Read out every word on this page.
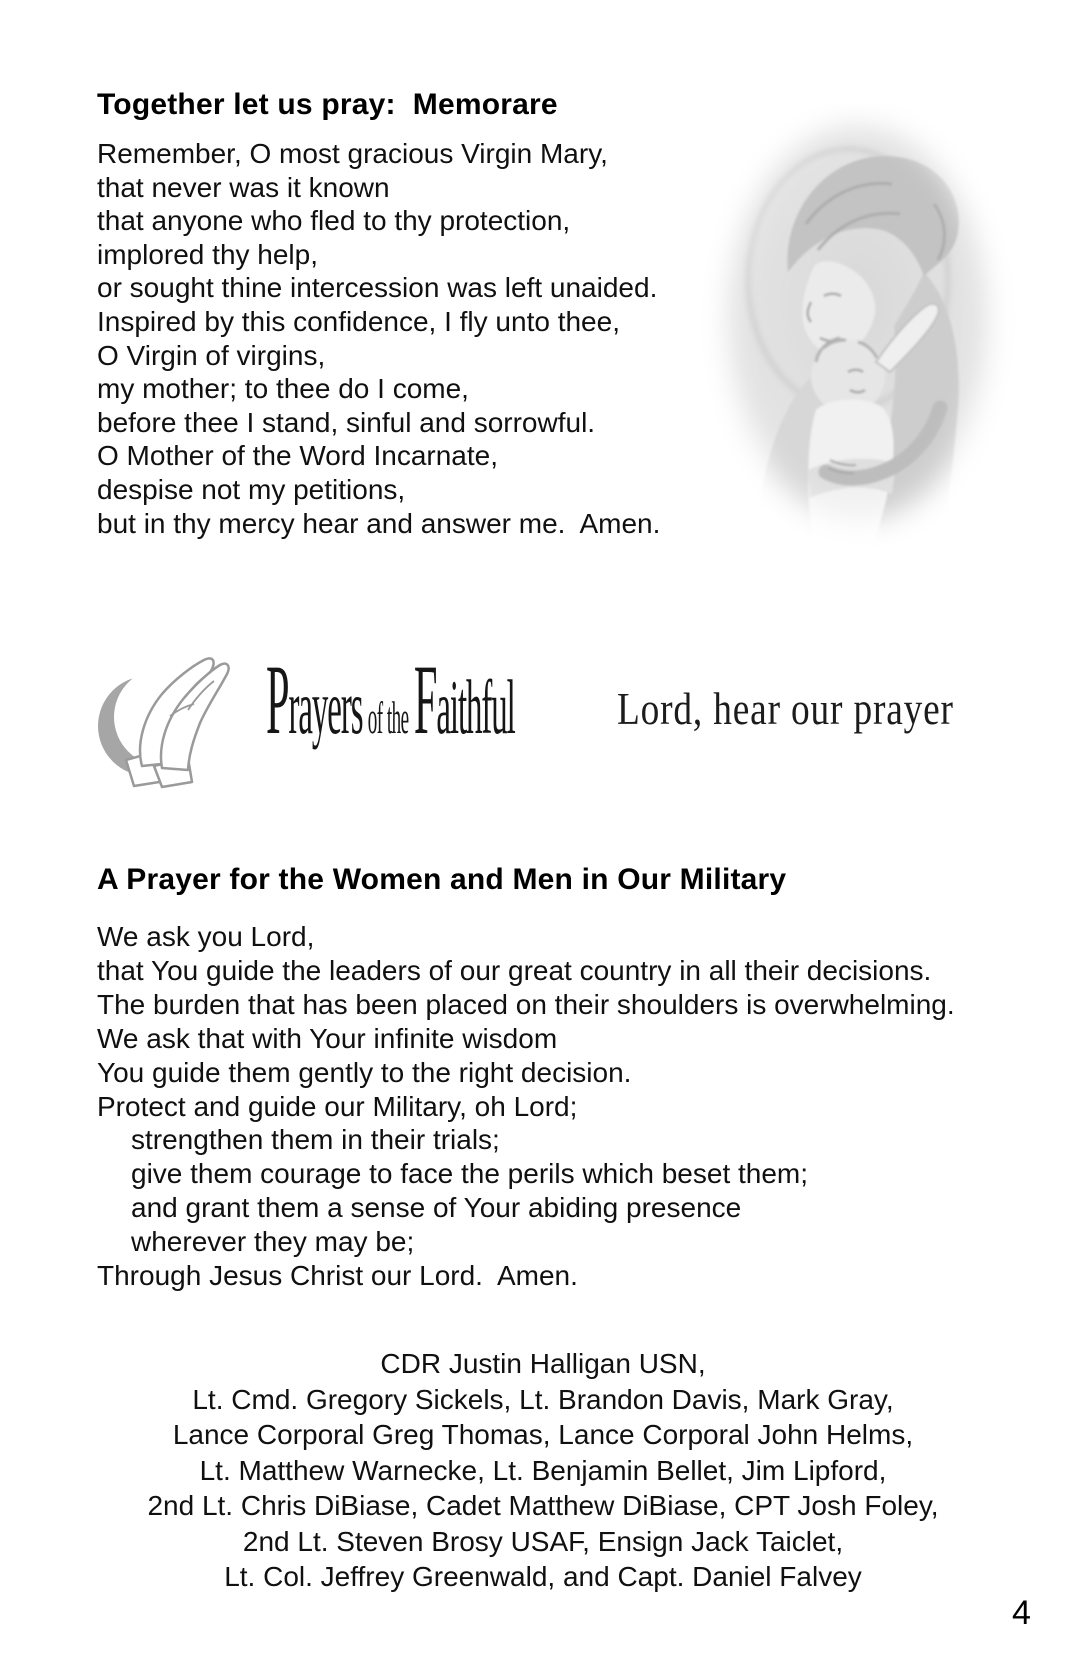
Together let us pray:  Memorare
Remember, O most gracious Virgin Mary,
that never was it known
that anyone who fled to thy protection,
implored thy help,
or sought thine intercession was left unaided.
Inspired by this confidence, I fly unto thee,
O Virgin of virgins,
my mother; to thee do I come,
before thee I stand, sinful and sorrowful.
O Mother of the Word Incarnate,
despise not my petitions,
but in thy mercy hear and answer me.  Amen.
Prayers of theFaithful Lord, hear our prayer
A Prayer for the Women and Men in Our Military
We ask you Lord,
that You guide the leaders of our great country in all their decisions.
The burden that has been placed on their shoulders is overwhelming.
We ask that with Your infinite wisdom
You guide them gently to the right decision.
Protect and guide our Military, oh Lord;
strengthen them in their trials;
give them courage to face the perils which beset them;
and grant them a sense of Your abiding presence
wherever they may be;
Through Jesus Christ our Lord.  Amen.
CDR Justin Halligan USN,
Lt. Cmd. Gregory Sickels, Lt. Brandon Davis, Mark Gray,
Lance Corporal Greg Thomas, Lance Corporal John Helms,
Lt. Matthew Warnecke, Lt. Benjamin Bellet, Jim Lipford,
2nd Lt. Chris DiBiase, Cadet Matthew DiBiase, CPT Josh Foley,
2nd Lt. Steven Brosy USAF, Ensign Jack Taiclet,
Lt. Col. Jeffrey Greenwald, and Capt. Daniel Falvey
4
